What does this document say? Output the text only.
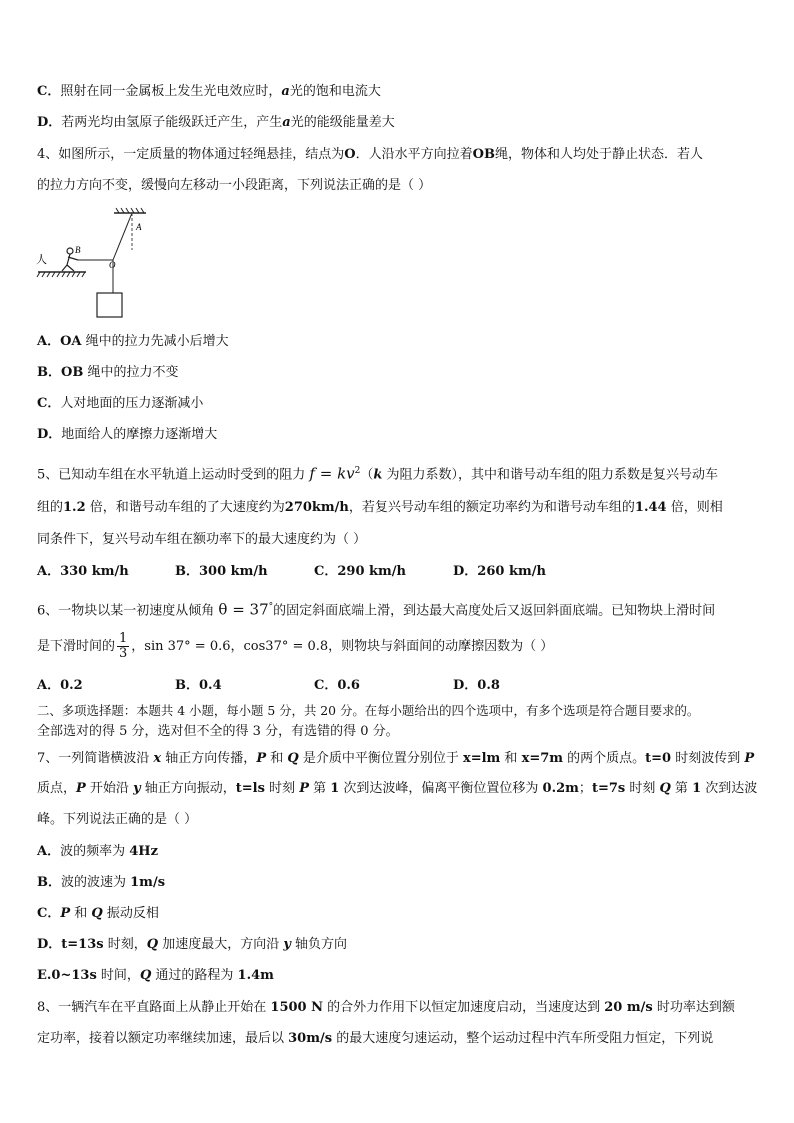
C．照射在同一金属板上发生光电效应时，a光的饱和电流大
D．若两光均由氢原子能级跃迁产生，产生a光的能级能量差大
4、如图所示，一定质量的物体通过轻绳悬挂，结点为O．人沿水平方向拉着OB绳，物体和人均处于静止状态．若人
的拉力方向不变，缓慢向左移动一小段距离，下列说法正确的是（ ）
A
O
B
人
A．OA 绳中的拉力先减小后增大
B．OB 绳中的拉力不变
C．人对地面的压力逐渐减小
D．地面给人的摩擦力逐渐增大
5、已知动车组在水平轨道上运动时受到的阻力 $f = kv^2(k$ 为阻力系数），其中和谐号动车组的阻力系数是复兴号动车
组的1.2 倍，和谐号动车组的了大速度约为270km/h，若复兴号动车组的额定功率约为和谐号动车组的1.44 倍，则相
同条件下，复兴号动车组在额功率下的最大速度约为（ ）
A．330 km/h	B．300 km/h	C．290 km/h	D．260 km/h
6、一物块以某一初速度从倾角 θ = 37°的固定斜面底端上滑，到达最大高度处后又返回斜面底端。已知物块上滑时间
是下滑时间的 $\frac{1}{3}$ ，sin 37° = 0.6，cos37° = 0.8，则物块与斜面间的动摩擦因数为（ ）
A．0.2	B．0.4	C．0.6	D．0.8
二、多项选择题：本题共 4 小题，每小题 5 分，共 20 分。在每小题给出的四个选项中，有多个选项是符合题目要求的。
全部选对的得 5 分，选对但不全的得 3 分，有选错的得 0 分。
7、一列简谐横波沿 x 轴正方向传播，P 和 Q 是介质中平衡位置分别位于 x=lm 和 x=7m 的两个质点。t=0 时刻波传到 P
质点，P 开始沿 y 轴正方向振动，t=ls 时刻 P 第 1 次到达波峰，偏离平衡位置位移为 0.2m；t=7s 时刻 Q 第 1 次到达波
峰。下列说法正确的是（ ）
A．波的频率为 4Hz
B．波的波速为 1m/s
C．P 和 Q 振动反相
D．t=13s 时刻，Q 加速度最大，方向沿 y 轴负方向
E.0~13s 时间，Q 通过的路程为 1.4m
8、一辆汽车在平直路面上从静止开始在 1500 N 的合外力作用下以恒定加速度启动，当速度达到 20 m/s 时功率达到额
定功率，接着以额定功率继续加速，最后以 30m/s 的最大速度匀速运动，整个运动过程中汽车所受阻力恒定，下列说
